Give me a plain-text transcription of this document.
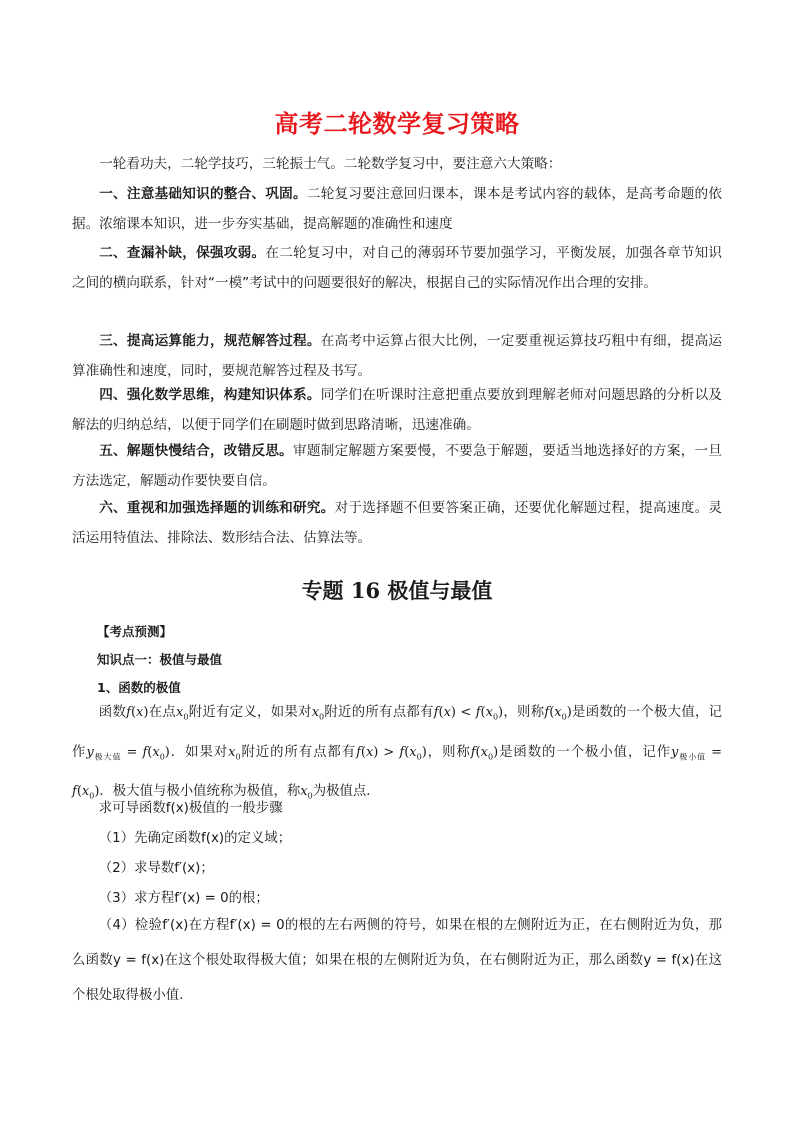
高考二轮数学复习策略
一轮看功夫，二轮学技巧，三轮振士气。二轮数学复习中，要注意六大策略：
一、注意基础知识的整合、巩固。二轮复习要注意回归课本，课本是考试内容的载体，是高考命题的依据。浓缩课本知识，进一步夯实基础，提高解题的准确性和速度
二、查漏补缺，保强攻弱。在二轮复习中，对自己的薄弱环节要加强学习，平衡发展，加强各章节知识之间的横向联系，针对“一模”考试中的问题要很好的解决，根据自己的实际情况作出合理的安排。
三、提高运算能力，规范解答过程。在高考中运算占很大比例，一定要重视运算技巧粗中有细，提高运算准确性和速度，同时，要规范解答过程及书写。
四、强化数学思维，构建知识体系。同学们在听课时注意把重点要放到理解老师对问题思路的分析以及解法的归纳总结，以便于同学们在刷题时做到思路清晰，迅速准确。
五、解题快慢结合，改错反思。审题制定解题方案要慢，不要急于解题，要适当地选择好的方案，一旦方法选定，解题动作要快要自信。
六、重视和加强选择题的训练和研究。对于选择题不但要答案正确，还要优化解题过程，提高速度。灵活运用特值法、排除法、数形结合法、估算法等。
专题 16 极值与最值
【考点预测】
知识点一：极值与最值
1、函数的极值
函数f(x)在点$x_0$附近有定义，如果对$x_0$附近的所有点都有$f(x) < f(x_0)$，则称$f(x_0)$是函数的一个极大值，记作$y_{极大值} = f(x_0)$．如果对$x_0$附近的所有点都有$f(x) > f(x_0)$，则称$f(x_0)$是函数的一个极小值，记作$y_{极小值} = f(x_0)$．极大值与极小值统称为极值，称$x_0$为极值点．
求可导函数f(x)极值的一般步骤
（1）先确定函数f(x)的定义域；
（2）求导数f′(x)；
（3）求方程f′(x) = 0的根；
（4）检验f′(x)在方程f′(x) = 0的根的左右两侧的符号，如果在根的左侧附近为正，在右侧附近为负，那么函数y = f(x)在这个根处取得极大值；如果在根的左侧附近为负，在右侧附近为正，那么函数y = f(x)在这个根处取得极小值.
